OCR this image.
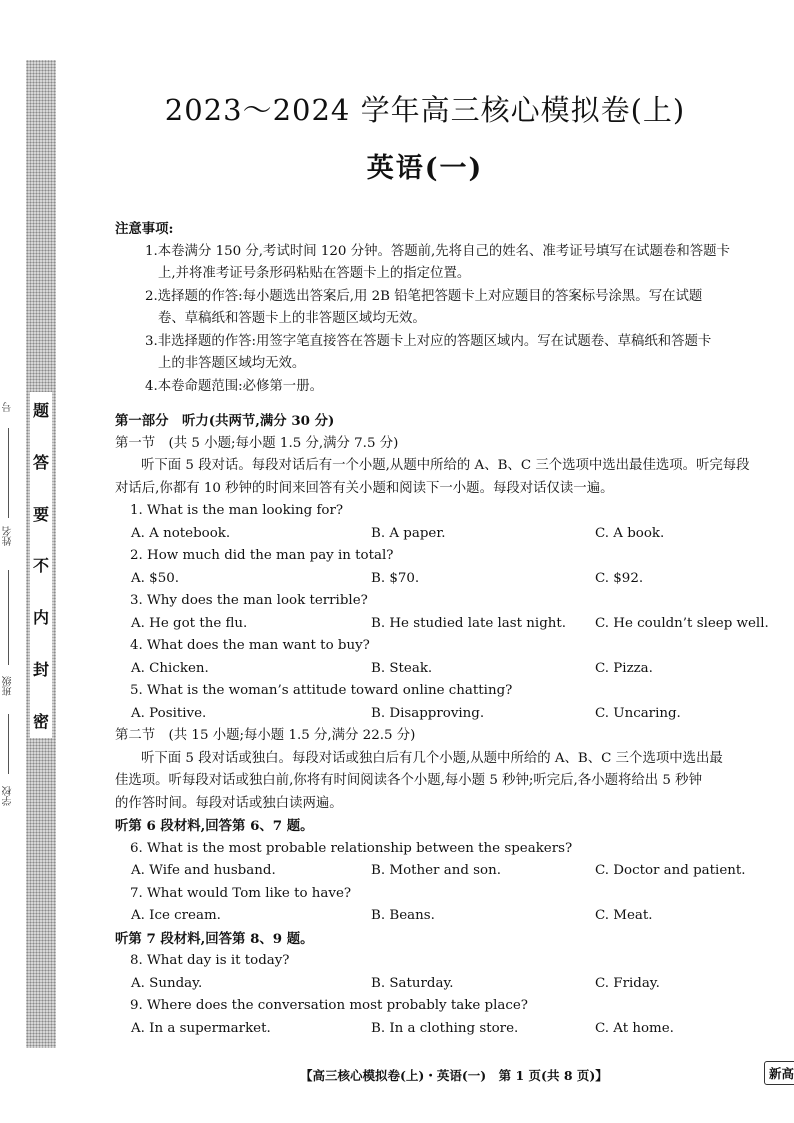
题
答
要
不
内
封
密
号
姓名
班级
学校
2023～2024 学年高三核心模拟卷(上)
英语(一)

注意事项:

1.本卷满分 150 分,考试时间 120 分钟。答题前,先将自己的姓名、准考证号填写在试题卷和答题卡

上,并将准考证号条形码粘贴在答题卡上的指定位置。

2.选择题的作答:每小题选出答案后,用 2B 铅笔把答题卡上对应题目的答案标号涂黑。写在试题

卷、草稿纸和答题卡上的非答题区域均无效。

3.非选择题的作答:用签字笔直接答在答题卡上对应的答题区域内。写在试题卷、草稿纸和答题卡

上的非答题区域均无效。

4.本卷命题范围:必修第一册。

第一部分　听力(共两节,满分 30 分)

第一节　(共 5 小题;每小题 1.5 分,满分 7.5 分)

听下面 5 段对话。每段对话后有一个小题,从题中所给的 A、B、C 三个选项中选出最佳选项。听完每段

对话后,你都有 10 秒钟的时间来回答有关小题和阅读下一小题。每段对话仅读一遍。

1. What is the man looking for?

A. A notebook.	B. A paper.	C. A book.

2. How much did the man pay in total?

A. $50.	B. $70.	C. $92.

3. Why does the man look terrible?

A. He got the flu.	B. He studied late last night.	C. He couldn’t sleep well.

4. What does the man want to buy?

A. Chicken.	B. Steak.	C. Pizza.

5. What is the woman’s attitude toward online chatting?

A. Positive.	B. Disapproving.	C. Uncaring.

第二节　(共 15 小题;每小题 1.5 分,满分 22.5 分)

听下面 5 段对话或独白。每段对话或独白后有几个小题,从题中所给的 A、B、C 三个选项中选出最

佳选项。听每段对话或独白前,你将有时间阅读各个小题,每小题 5 秒钟;听完后,各小题将给出 5 秒钟

的作答时间。每段对话或独白读两遍。

听第 6 段材料,回答第 6、7 题。

6. What is the most probable relationship between the speakers?

A. Wife and husband.	B. Mother and son.	C. Doctor and patient.

7. What would Tom like to have?

A. Ice cream.	B. Beans.	C. Meat.

听第 7 段材料,回答第 8、9 题。

8. What day is it today?

A. Sunday.	B. Saturday.	C. Friday.

9. Where does the conversation most probably take place?

A. In a supermarket.	B. In a clothing store.	C. At home.
【高三核心模拟卷(上)・英语(一)　第 1 页(共 8 页)】	新高
